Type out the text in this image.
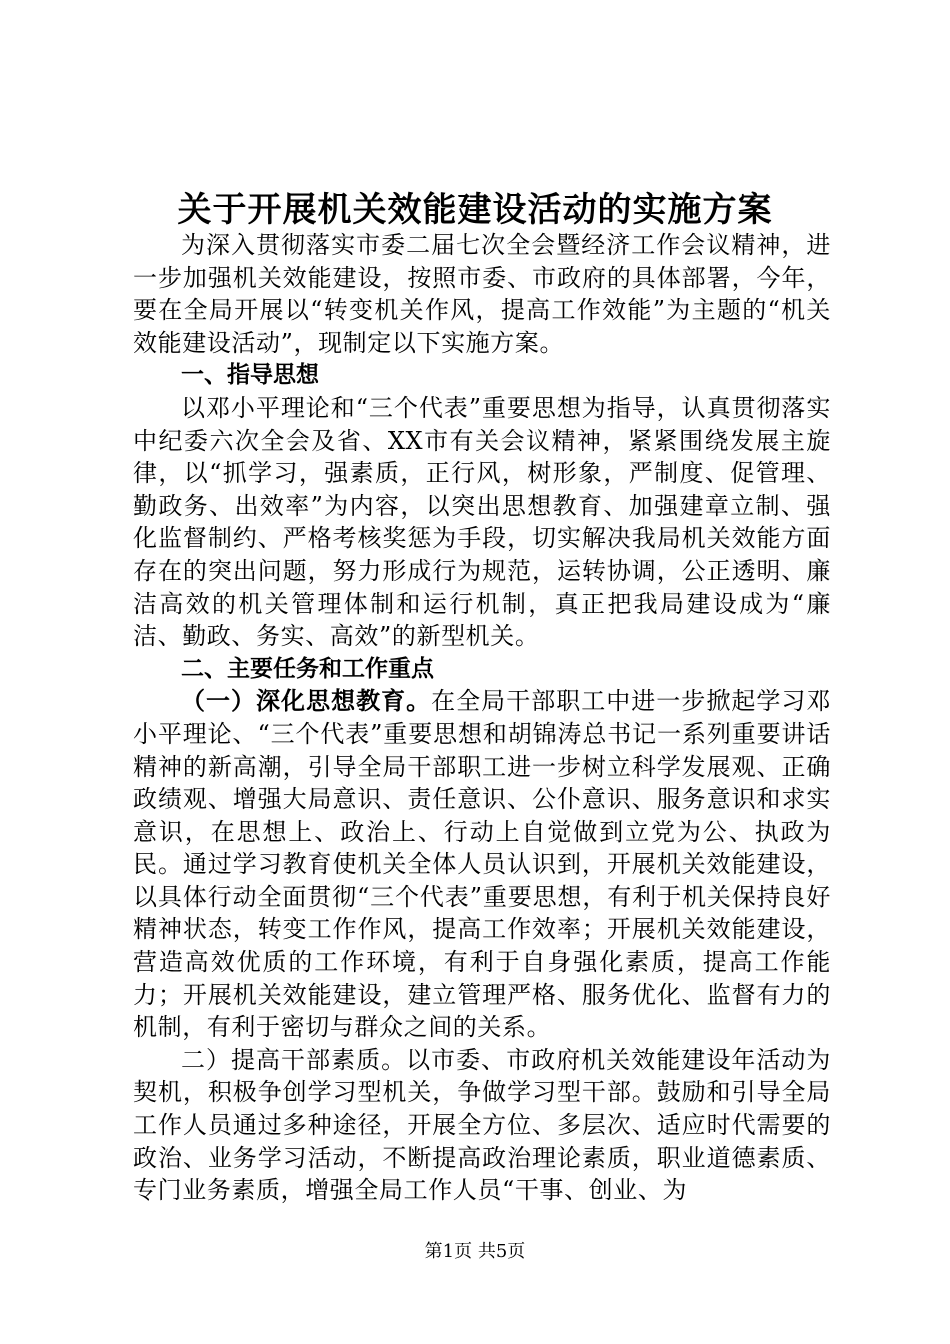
关于开展机关效能建设活动的实施方案

为深入贯彻落实市委二届七次全会暨经济工作会议精神，进一步加强机关效能建设，按照市委、市政府的具体部署，今年，要在全局开展以“转变机关作风，提高工作效能”为主题的“机关效能建设活动”，现制定以下实施方案。

一、指导思想

以邓小平理论和“三个代表”重要思想为指导，认真贯彻落实中纪委六次全会及省、XX市有关会议精神，紧紧围绕发展主旋律，以“抓学习，强素质，正行风，树形象，严制度、促管理、勤政务、出效率”为内容，以突出思想教育、加强建章立制、强化监督制约、严格考核奖惩为手段，切实解决我局机关效能方面存在的突出问题，努力形成行为规范，运转协调，公正透明、廉洁高效的机关管理体制和运行机制，真正把我局建设成为“廉洁、勤政、务实、高效”的新型机关。

二、主要任务和工作重点

（一）深化思想教育。在全局干部职工中进一步掀起学习邓小平理论、“三个代表”重要思想和胡锦涛总书记一系列重要讲话精神的新高潮，引导全局干部职工进一步树立科学发展观、正确政绩观、增强大局意识、责任意识、公仆意识、服务意识和求实意识，在思想上、政治上、行动上自觉做到立党为公、执政为民。通过学习教育使机关全体人员认识到，开展机关效能建设，以具体行动全面贯彻“三个代表”重要思想，有利于机关保持良好精神状态，转变工作作风，提高工作效率；开展机关效能建设，营造高效优质的工作环境，有利于自身强化素质，提高工作能力；开展机关效能建设，建立管理严格、服务优化、监督有力的机制，有利于密切与群众之间的关系。

二）提高干部素质。以市委、市政府机关效能建设年活动为契机，积极争创学习型机关，争做学习型干部。鼓励和引导全局工作人员通过多种途径，开展全方位、多层次、适应时代需要的政治、业务学习活动，不断提高政治理论素质，职业道德素质、专门业务素质，增强全局工作人员“干事、创业、为

第1页 共5页
